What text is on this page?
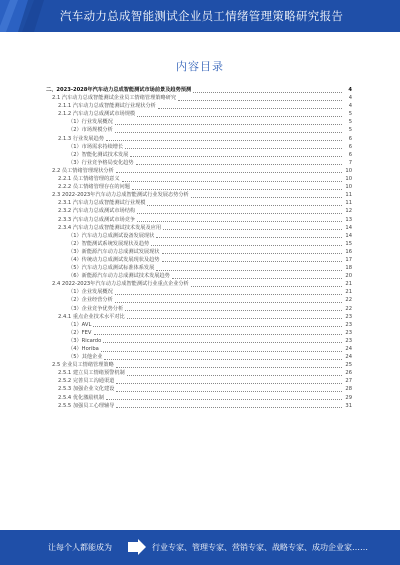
汽车动力总成智能测试企业员工情绪管理策略研究报告
内容目录
二、2023-2028年汽车动力总成智能测试市场前景及趋势预测	4
2.1 汽车动力总成智能测试企业员工情绪管理策略研究	4
2.1.1 汽车动力总成智能测试行业现状分析	4
2.1.2 汽车动力总成测试市场规模	5
（1）行业发展概况	5
（2）市场规模分析	5
2.1.3 行业发展趋势	6
（1）市场需求持续增长	6
（2）智能化测试技术发展	6
（3）行业竞争格局变化趋势	7
2.2 员工情绪管理现状分析	10
2.2.1 员工情绪管理的意义	10
2.2.2 员工情绪管理存在的问题	10
2.3 2022-2023年汽车动力总成智能测试行业发展态势分析	11
2.3.1 汽车动力总成智能测试行业规模	11
2.3.2 汽车动力总成测试市场结构	12
2.3.3 汽车动力总成测试市场竞争	13
2.3.4 汽车动力总成智能测试技术发展及应用	14
（1）汽车动力总成测试设备发展现状	14
（2）智能测试系统发展现状及趋势	15
（3）新能源汽车动力总成测试发展现状	16
（4）传统动力总成测试发展现状及趋势	17
（5）汽车动力总成测试标准体系发展	18
（6）新能源汽车动力总成测试技术发展趋势	20
2.4 2022-2023年汽车动力总成智能测试行业重点企业分析	21
（1）企业发展概况	21
（2）企业经营分析	22
（3）企业竞争优势分析	22
2.4.1 重点企业技术水平对比	23
（1）AVL	23
（2）FEV	23
（3）Ricardo	23
（4）Horiba	24
（5）其他企业	24
2.5 企业员工情绪管理策略	25
2.5.1 建立员工情绪预警机制	26
2.5.2 完善员工沟通渠道	27
2.5.3 加强企业文化建设	28
2.5.4 优化激励机制	29
2.5.5 加强员工心理辅导	31
让每个人都能成为	行业专家、管理专家、营销专家、战略专家、成功企业家……
